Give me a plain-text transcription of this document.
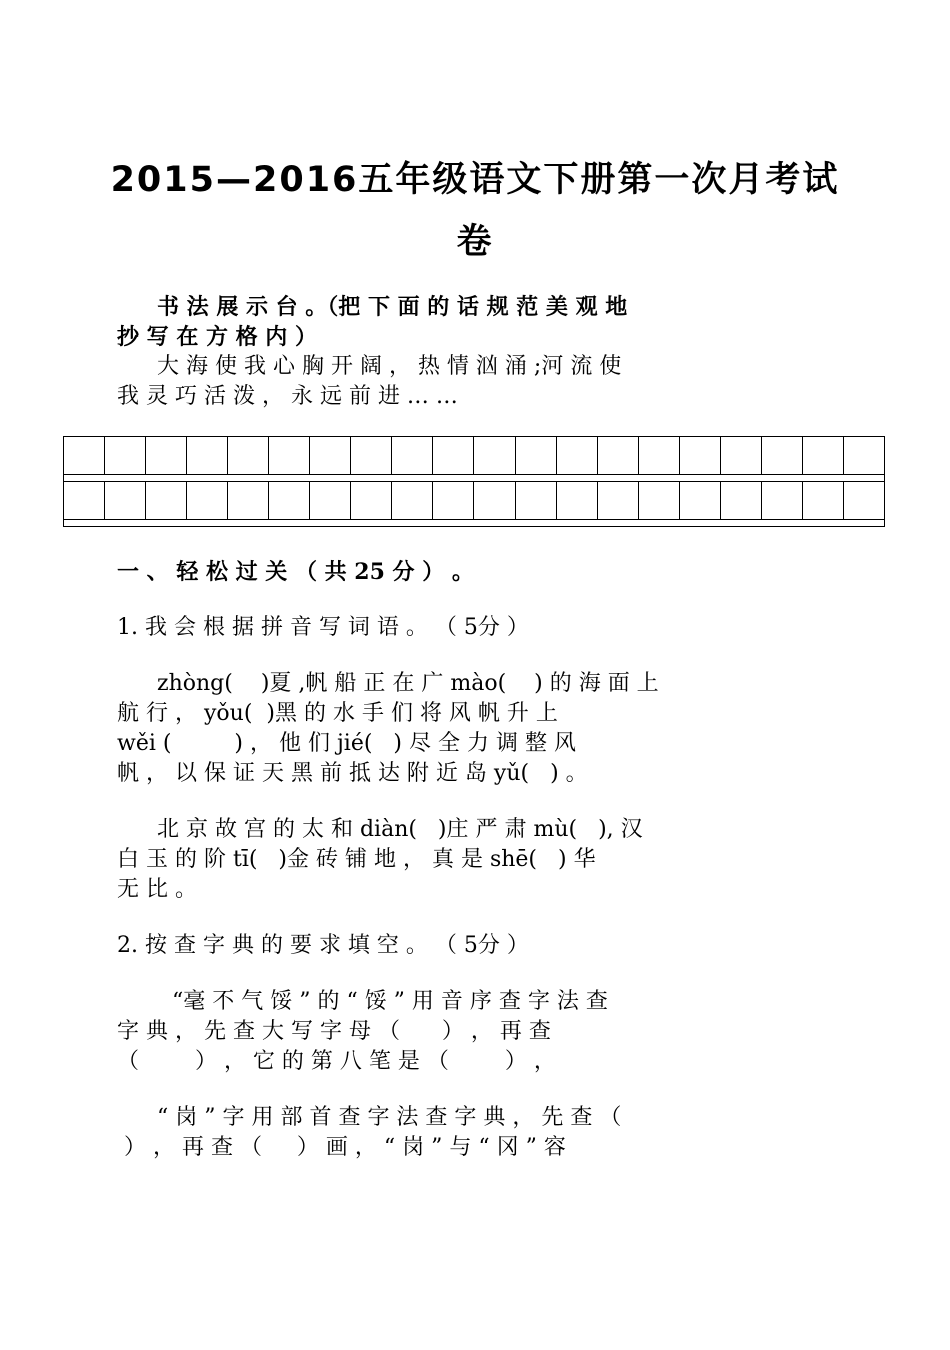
2015—2016五年级语文下册第一次月考试
卷

书 法 展 示 台 。（把 下 面 的 话 规 范 美 观 地

抄 写 在 方 格 内 ）

大 海 使 我 心 胸 开 阔 ， 热 情 汹 涌 ;河 流 使

我 灵 巧 活 泼 ， 永 远 前 进 … …

一 、 轻 松 过 关 （ 共 25 分 ） 。

1. 我 会 根 据 拼 音 写 词 语 。 （ 5分 ）

zhòng(    )夏 ,帆 船 正 在 广 mào(    ) 的 海 面 上

航 行 ， yǒu(  )黑 的 水 手 们 将 风 帆 升 上

wěi (         ) ， 他 们 jié(   ) 尽 全 力 调 整 风

帆 ， 以 保 证 天 黑 前 抵 达 附 近 岛 yǔ(   ) 。

北 京 故 宫 的 太 和 diàn(   )庄 严 肃 mù(   ), 汉

白 玉 的 阶 tī(   )金 砖 铺 地 ， 真 是 shē(   ) 华

无 比 。

2. 按 查 字 典 的 要 求 填 空 。 （ 5分 ）

“毫 不 气 馁 ” 的 “ 馁 ” 用 音 序 查 字 法 查

字 典 ， 先 查 大 写 字 母 （      ） ， 再 查

（        ） ， 它 的 第 八 笔 是 （        ） ，

“ 岗 ” 字 用 部 首 查 字 法 查 字 典 ， 先 查 （

） ， 再 查 （     ） 画 ， “ 岗 ” 与 “ 冈 ” 容
